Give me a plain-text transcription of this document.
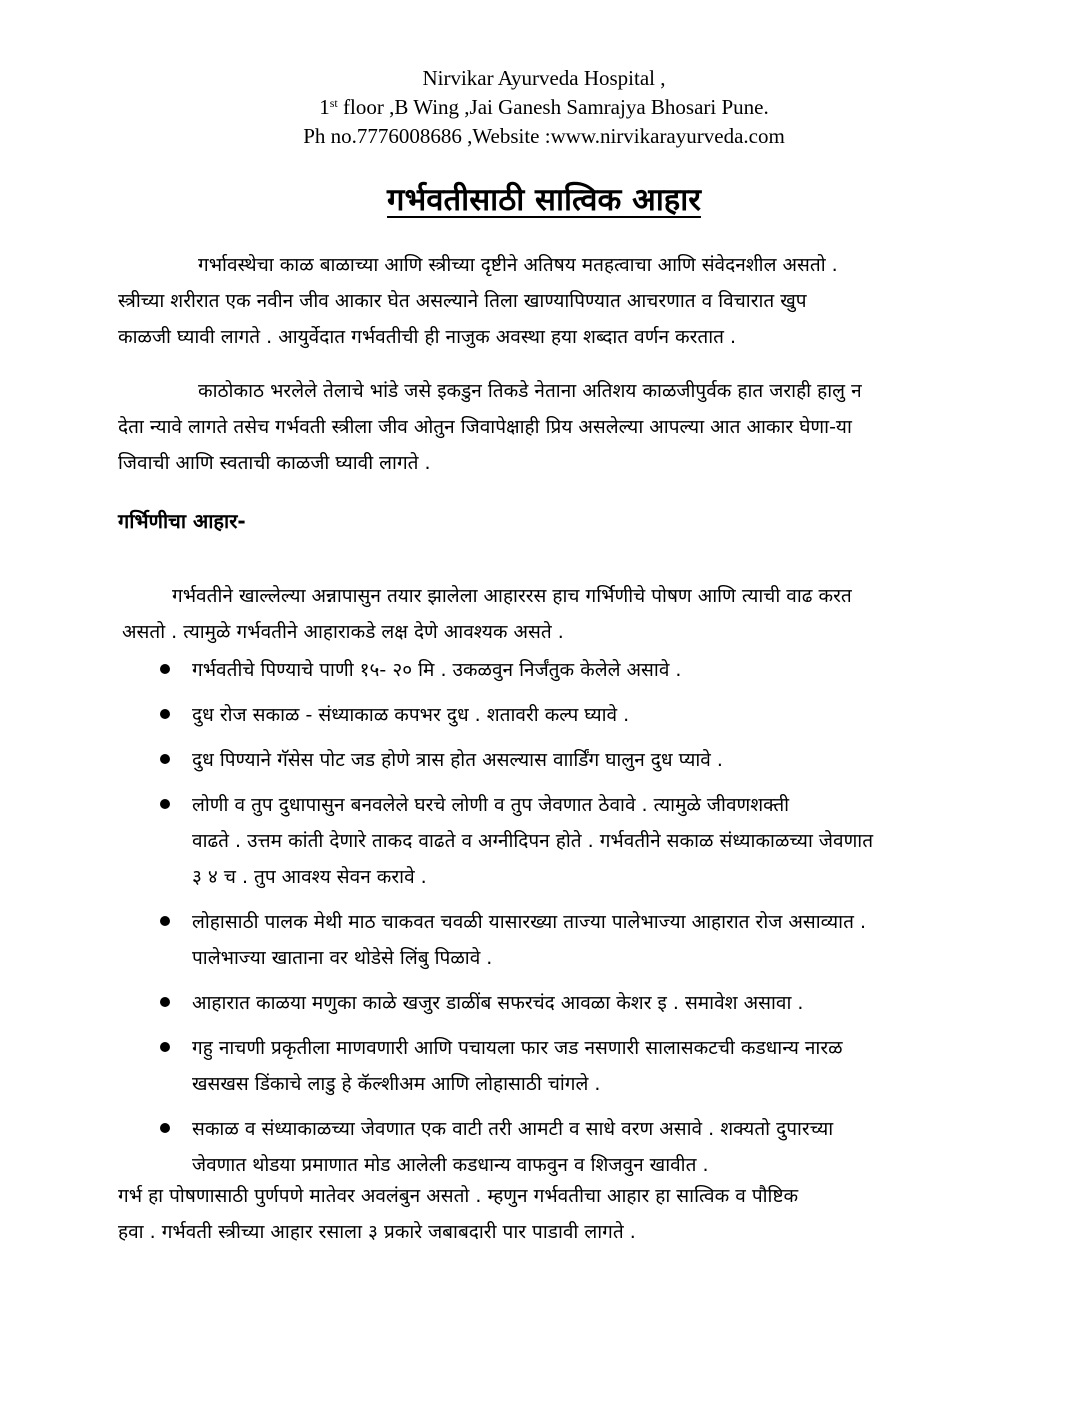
Nirvikar Ayurveda Hospital ,
1st floor ,B Wing ,Jai Ganesh Samrajya Bhosari Pune.
Ph no.7776008686 ,Website :www.nirvikarayurveda.com
गर्भवतीसाठी सात्विक आहार

गर्भावस्थेचा काळ बाळाच्या आणि स्त्रीच्या दृष्टीने अतिषय मतहत्वाचा आणि संवेदनशील असतो .

स्त्रीच्या शरीरात एक नवीन जीव आकार घेत असल्याने तिला खाण्यापिण्यात आचरणात व विचारात खुप

काळजी घ्यावी लागते . आयुर्वेदात गर्भवतीची ही नाजुक अवस्था हया शब्दात वर्णन करतात .

काठोकाठ भरलेले तेलाचे भांडे जसे इकडुन तिकडे नेताना अतिशय काळजीपुर्वक हात जराही हालु न

देता न्यावे लागते तसेच गर्भवती स्त्रीला जीव ओतुन जिवापेक्षाही प्रिय असलेल्या आपल्या आत आकार घेणा-या

जिवाची आणि स्वताची काळजी घ्यावी लागते .

गर्भिणीचा आहार-

गर्भवतीने खाल्लेल्या अन्नापासुन तयार झालेला आहाररस हाच गर्भिणीचे पोषण आणि त्याची वाढ करत

असतो . त्यामुळे गर्भवतीने आहाराकडे लक्ष देणे आवश्यक असते .

गर्भवतीचे पिण्याचे पाणी १५- २० मि . उकळवुन निर्जंतुक केलेले असावे .
दुध रोज सकाळ - संध्याकाळ कपभर दुध . शतावरी कल्प घ्यावे .
दुध पिण्याने गॅसेस पोट जड होणे त्रास होत असल्यास वाार्डिंग घालुन दुध प्यावे .
लोणी व तुप दुधापासुन बनवलेले घरचे लोणी व तुप जेवणात ठेवावे . त्यामुळे जीवणशक्ती
वाढते . उत्तम कांती देणारे ताकद वाढते व अग्नीदिपन होते . गर्भवतीने सकाळ संध्याकाळच्या जेवणात
३ ४ च . तुप आवश्य सेवन करावे .
लोहासाठी पालक मेथी माठ चाकवत चवळी यासारख्या ताज्या पालेभाज्या आहारात रोज असाव्यात .
पालेभाज्या खाताना वर थोडेसे लिंबु पिळावे .
आहारात काळया मणुका काळे खजुर डाळींब सफरचंद आवळा केशर इ . समावेश असावा .
गहु नाचणी प्रकृतीला माणवणारी आणि पचायला फार जड नसणारी सालासकटची कडधान्य नारळ
खसखस डिंकाचे लाडु हे कॅल्शीअम आणि लोहासाठी चांगले .
सकाळ व संध्याकाळच्या जेवणात एक वाटी तरी आमटी व साधे वरण असावे . शक्यतो दुपारच्या
जेवणात थोडया प्रमाणात मोड आलेली कडधान्य वाफवुन व शिजवुन खावीत .

गर्भ हा पोषणासाठी पुर्णपणे मातेवर अवलंबुन असतो . म्हणुन गर्भवतीचा आहार हा सात्विक व पौष्टिक

हवा . गर्भवती स्त्रीच्या आहार रसाला ३ प्रकारे जबाबदारी पार पाडावी लागते .
